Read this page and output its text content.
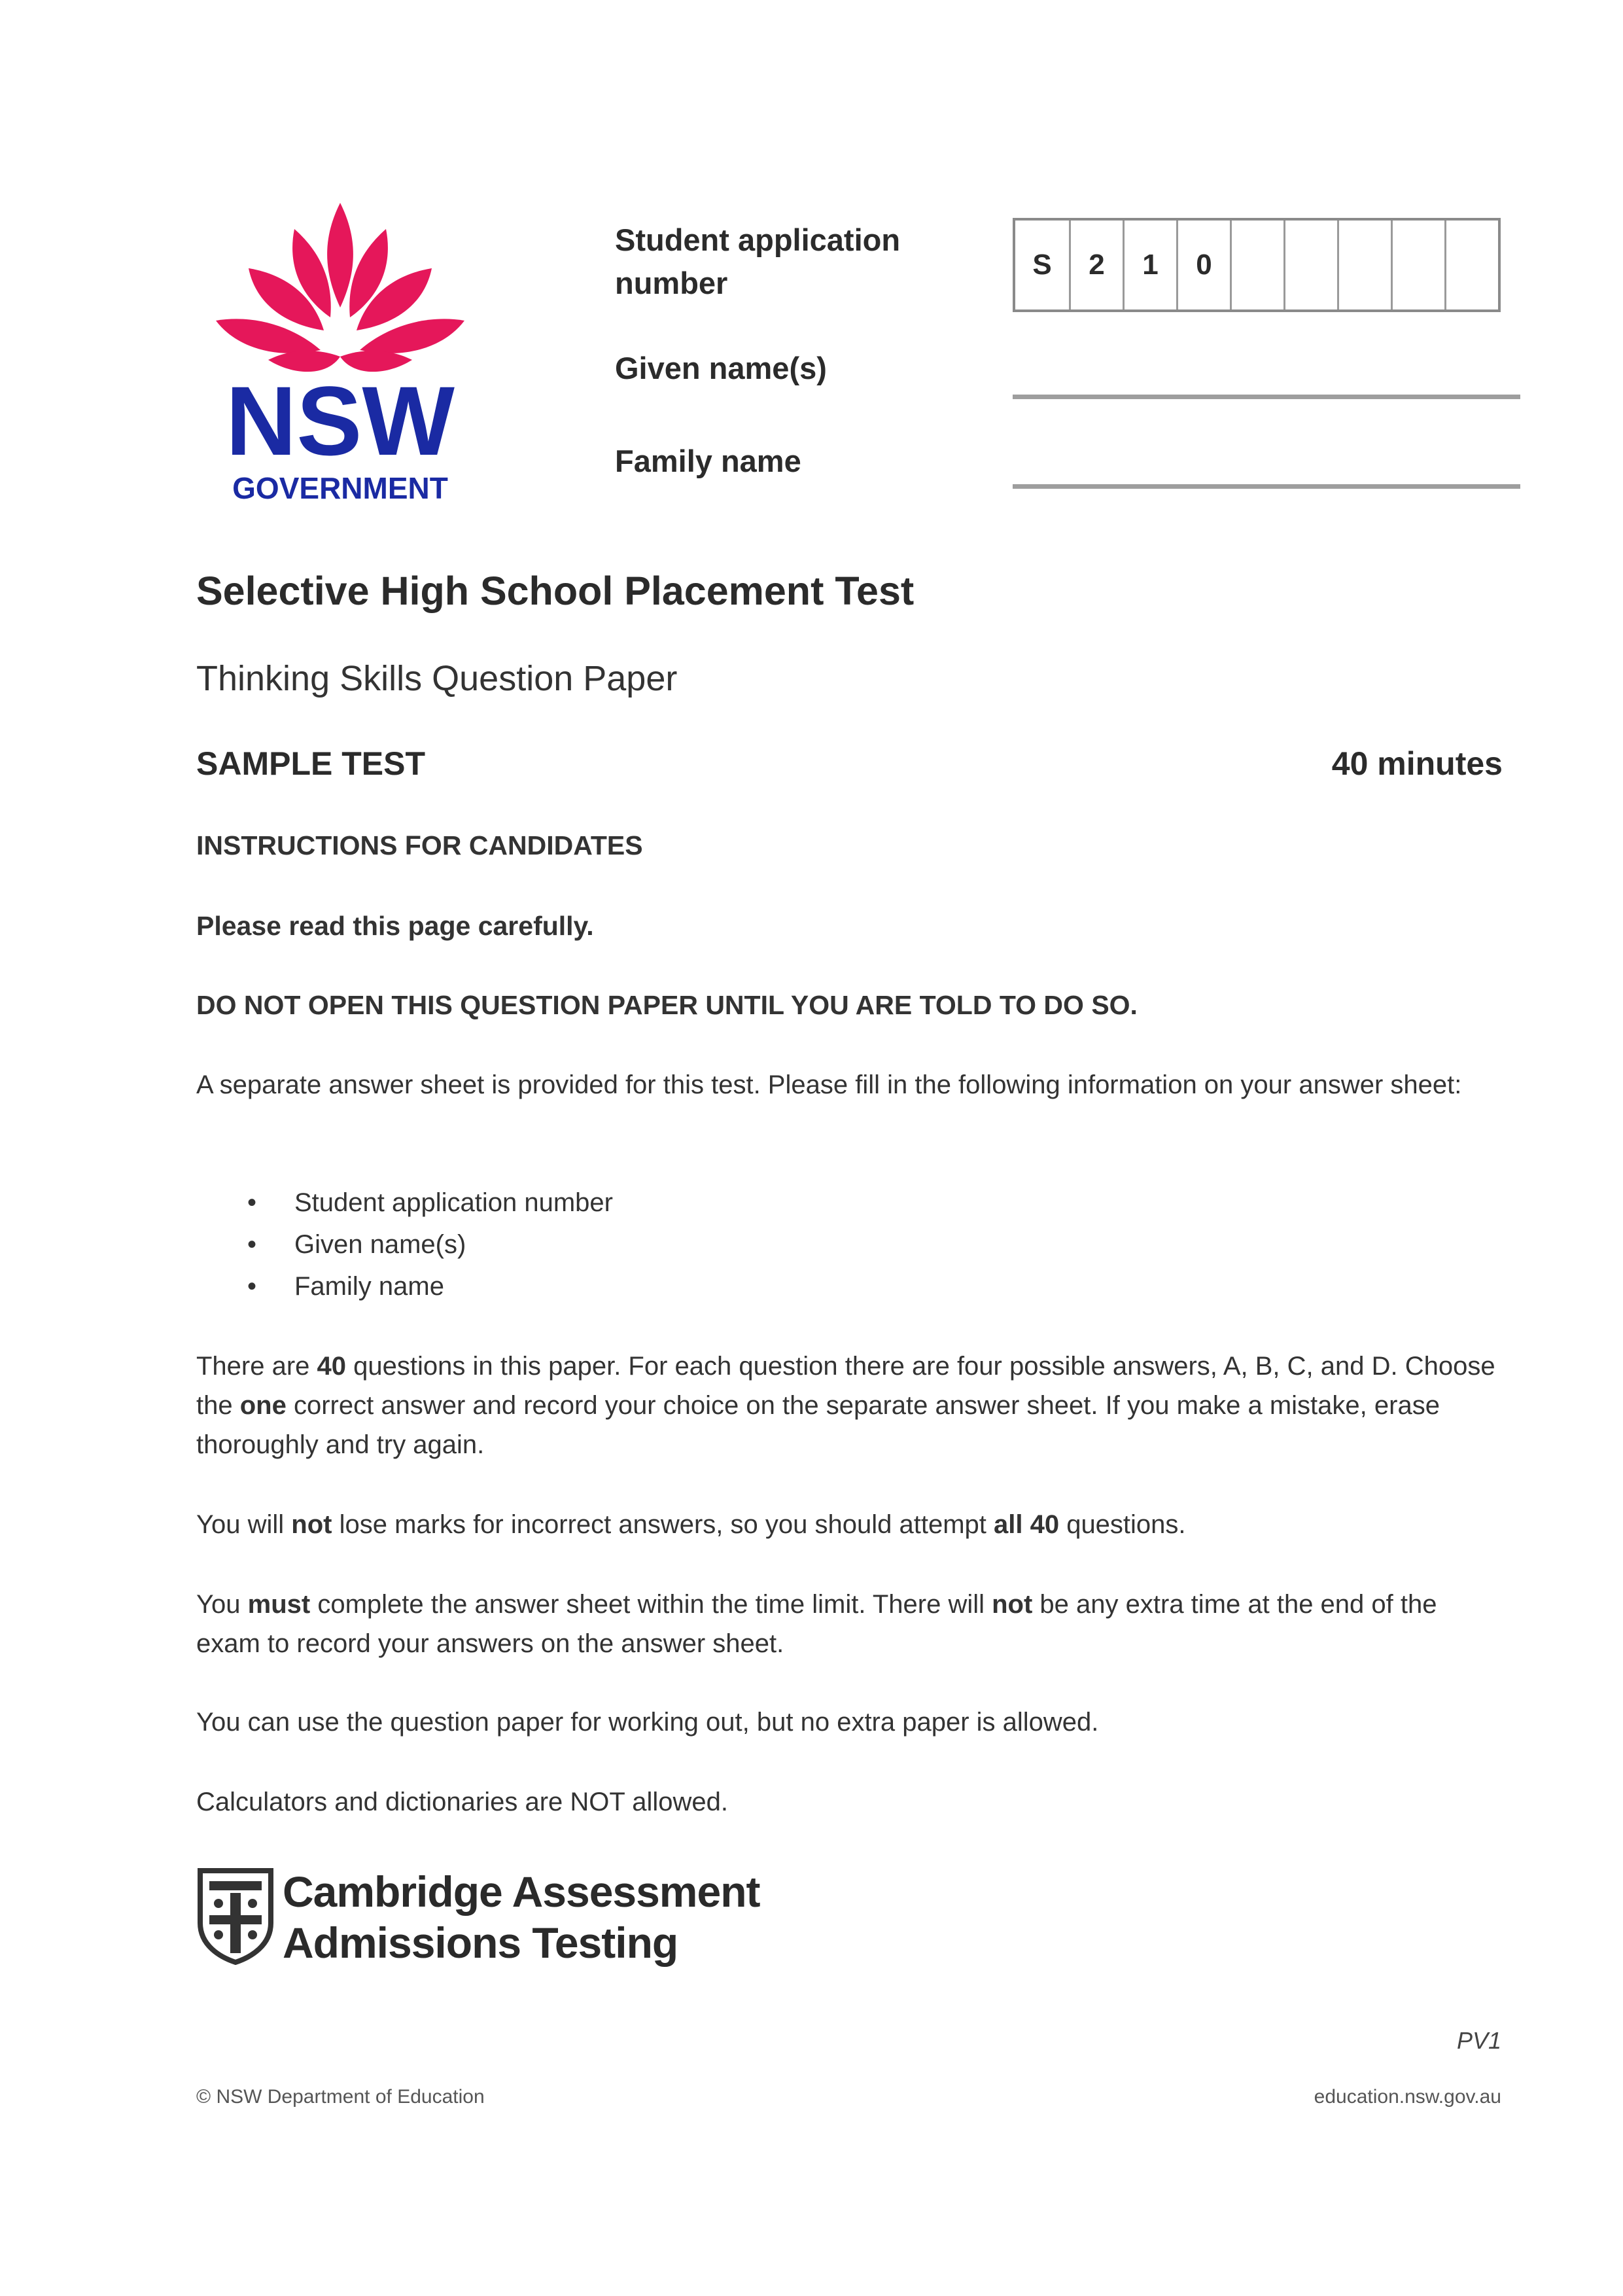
NSW
GOVERNMENT
Student application number
S	2	1	0
Given name(s)
Family name
Selective High School Placement Test
Thinking Skills Question Paper
SAMPLE TEST	40 minutes
INSTRUCTIONS FOR CANDIDATES
Please read this page carefully.
DO NOT OPEN THIS QUESTION PAPER UNTIL YOU ARE TOLD TO DO SO.
A separate answer sheet is provided for this test. Please fill in the following information on your answer sheet:
• Student application number
• Given name(s)
• Family name
There are 40 questions in this paper. For each question there are four possible answers, A, B, C, and D. Choose the one correct answer and record your choice on the separate answer sheet. If you make a mistake, erase thoroughly and try again.
You will not lose marks for incorrect answers, so you should attempt all 40 questions.
You must complete the answer sheet within the time limit. There will not be any extra time at the end of the exam to record your answers on the answer sheet.
You can use the question paper for working out, but no extra paper is allowed.
Calculators and dictionaries are NOT allowed.
Cambridge Assessment
Admissions Testing
PV1
© NSW Department of Education	education.nsw.gov.au
